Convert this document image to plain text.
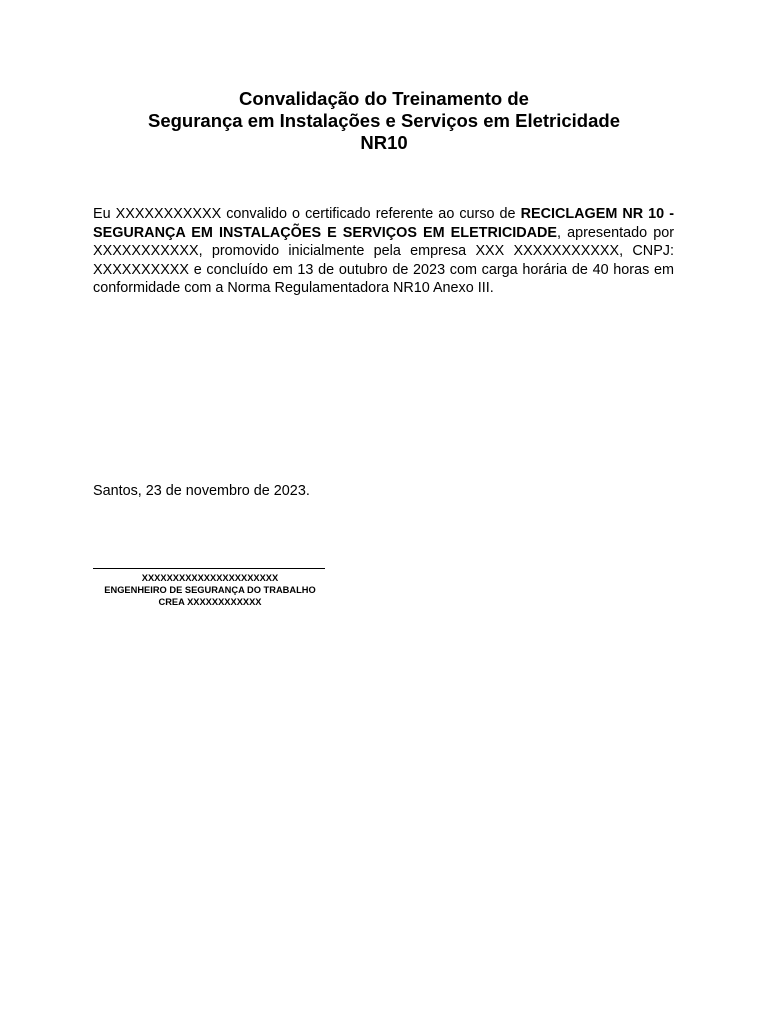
Convalidação do Treinamento de
Segurança em Instalações e Serviços em Eletricidade
NR10

Eu XXXXXXXXXXX convalido o certificado referente ao curso de RECICLAGEM NR 10 - SEGURANÇA EM INSTALAÇÕES E SERVIÇOS EM ELETRICIDADE, apresentado por XXXXXXXXXXX, promovido inicialmente pela empresa XXX XXXXXXXXXXX, CNPJ: XXXXXXXXXX e concluído em 13 de outubro de 2023 com carga horária de 40 horas em conformidade com a Norma Regulamentadora NR10 Anexo III.

Santos, 23 de novembro de 2023.
XXXXXXXXXXXXXXXXXXXXXX
ENGENHEIRO DE SEGURANÇA DO TRABALHO
CREA XXXXXXXXXXXX
